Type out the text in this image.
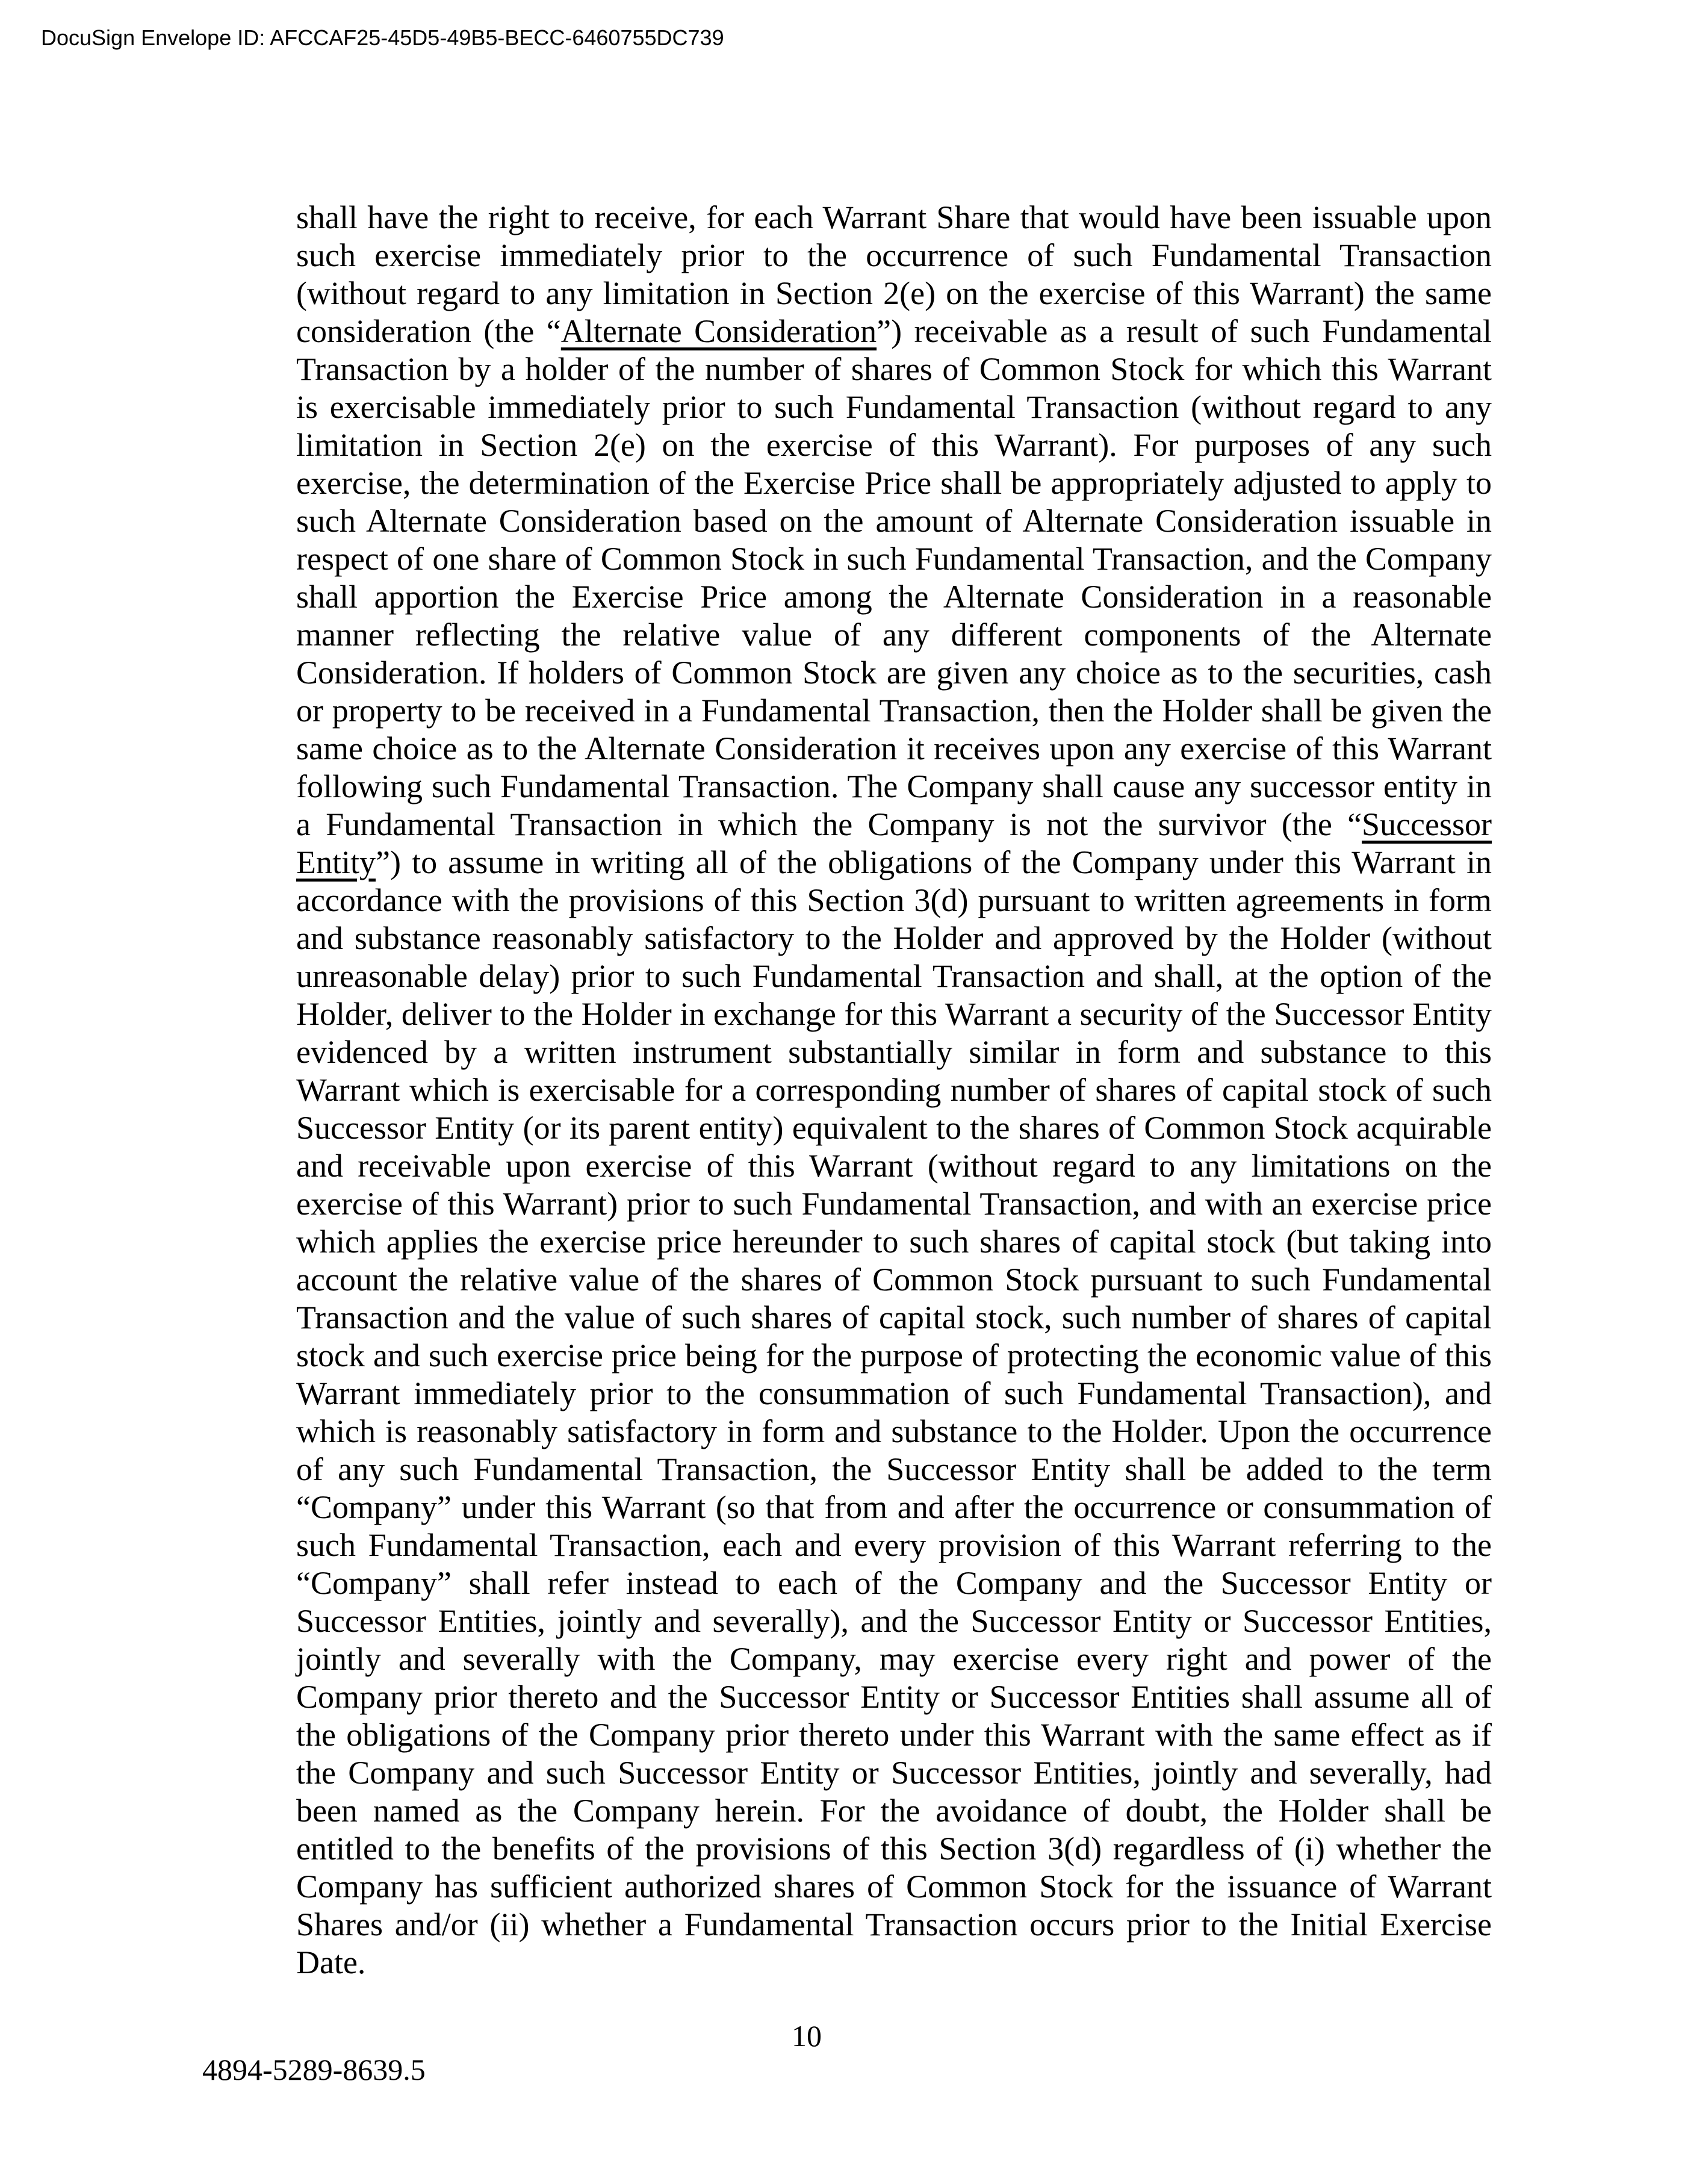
DocuSign Envelope ID: AFCCAF25-45D5-49B5-BECC-6460755DC739
shall have the right to receive, for each Warrant Share that would have been issuable upon such exercise immediately prior to the occurrence of such Fundamental Transaction (without regard to any limitation in Section 2(e) on the exercise of this Warrant) the same consideration (the “Alternate Consideration”) receivable as a result of such Fundamental Transaction by a holder of the number of shares of Common Stock for which this Warrant is exercisable immediately prior to such Fundamental Transaction (without regard to any limitation in Section 2(e) on the exercise of this Warrant). For purposes of any such exercise, the determination of the Exercise Price shall be appropriately adjusted to apply to such Alternate Consideration based on the amount of Alternate Consideration issuable in respect of one share of Common Stock in such Fundamental Transaction, and the Company shall apportion the Exercise Price among the Alternate Consideration in a reasonable manner reflecting the relative value of any different components of the Alternate Consideration. If holders of Common Stock are given any choice as to the securities, cash or property to be received in a Fundamental Transaction, then the Holder shall be given the same choice as to the Alternate Consideration it receives upon any exercise of this Warrant following such Fundamental Transaction. The Company shall cause any successor entity in a Fundamental Transaction in which the Company is not the survivor (the “Successor Entity”) to assume in writing all of the obligations of the Company under this Warrant in accordance with the provisions of this Section 3(d) pursuant to written agreements in form and substance reasonably satisfactory to the Holder and approved by the Holder (without unreasonable delay) prior to such Fundamental Transaction and shall, at the option of the Holder, deliver to the Holder in exchange for this Warrant a security of the Successor Entity evidenced by a written instrument substantially similar in form and substance to this Warrant which is exercisable for a corresponding number of shares of capital stock of such Successor Entity (or its parent entity) equivalent to the shares of Common Stock acquirable and receivable upon exercise of this Warrant (without regard to any limitations on the exercise of this Warrant) prior to such Fundamental Transaction, and with an exercise price which applies the exercise price hereunder to such shares of capital stock (but taking into account the relative value of the shares of Common Stock pursuant to such Fundamental Transaction and the value of such shares of capital stock, such number of shares of capital stock and such exercise price being for the purpose of protecting the economic value of this Warrant immediately prior to the consummation of such Fundamental Transaction), and which is reasonably satisfactory in form and substance to the Holder. Upon the occurrence of any such Fundamental Transaction, the Successor Entity shall be added to the term “Company” under this Warrant (so that from and after the occurrence or consummation of such Fundamental Transaction, each and every provision of this Warrant referring to the “Company” shall refer instead to each of the Company and the Successor Entity or Successor Entities, jointly and severally), and the Successor Entity or Successor Entities, jointly and severally with the Company, may exercise every right and power of the Company prior thereto and the Successor Entity or Successor Entities shall assume all of the obligations of the Company prior thereto under this Warrant with the same effect as if the Company and such Successor Entity or Successor Entities, jointly and severally, had been named as the Company herein. For the avoidance of doubt, the Holder shall be entitled to the benefits of the provisions of this Section 3(d) regardless of (i) whether the Company has sufficient authorized shares of Common Stock for the issuance of Warrant Shares and/or (ii) whether a Fundamental Transaction occurs prior to the Initial Exercise Date.
10
4894-5289-8639.5
